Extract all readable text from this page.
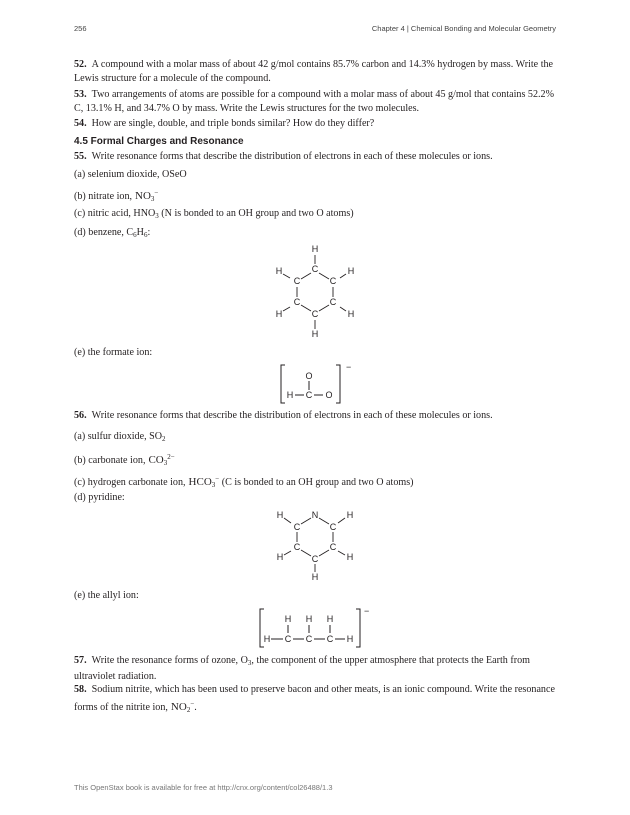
256	Chapter 4 | Chemical Bonding and Molecular Geometry
52. A compound with a molar mass of about 42 g/mol contains 85.7% carbon and 14.3% hydrogen by mass. Write the Lewis structure for a molecule of the compound.
53. Two arrangements of atoms are possible for a compound with a molar mass of about 45 g/mol that contains 52.2% C, 13.1% H, and 34.7% O by mass. Write the Lewis structures for the two molecules.
54. How are single, double, and triple bonds similar? How do they differ?
4.5 Formal Charges and Resonance
55. Write resonance forms that describe the distribution of electrons in each of these molecules or ions.
(a) selenium dioxide, OSeO
(b) nitrate ion, $NO_3^-$
(c) nitric acid, $HNO_3$ (N is bonded to an OH group and two O atoms)
(d) benzene, $C_6H_6$:
H
C
C
C
C
C
C
H
H
H
H
H
(e) the formate ion:
O
H C O
−
56. Write resonance forms that describe the distribution of electrons in each of these molecules or ions.
(a) sulfur dioxide, $SO_2$
(b) carbonate ion, $CO_3^{2-}$
(c) hydrogen carbonate ion, $HCO_3^-$ (C is bonded to an OH group and two O atoms)
(d) pyridine:
N
C
C
C
C
C
H
H
H
H
H
(e) the allyl ion:
H H H
H C C C H
−
57. Write the resonance forms of ozone, $O_3$, the component of the upper atmosphere that protects the Earth from ultraviolet radiation.
58. Sodium nitrite, which has been used to preserve bacon and other meats, is an ionic compound. Write the resonance forms of the nitrite ion, $NO_2^-$.
This OpenStax book is available for free at http://cnx.org/content/col26488/1.3
